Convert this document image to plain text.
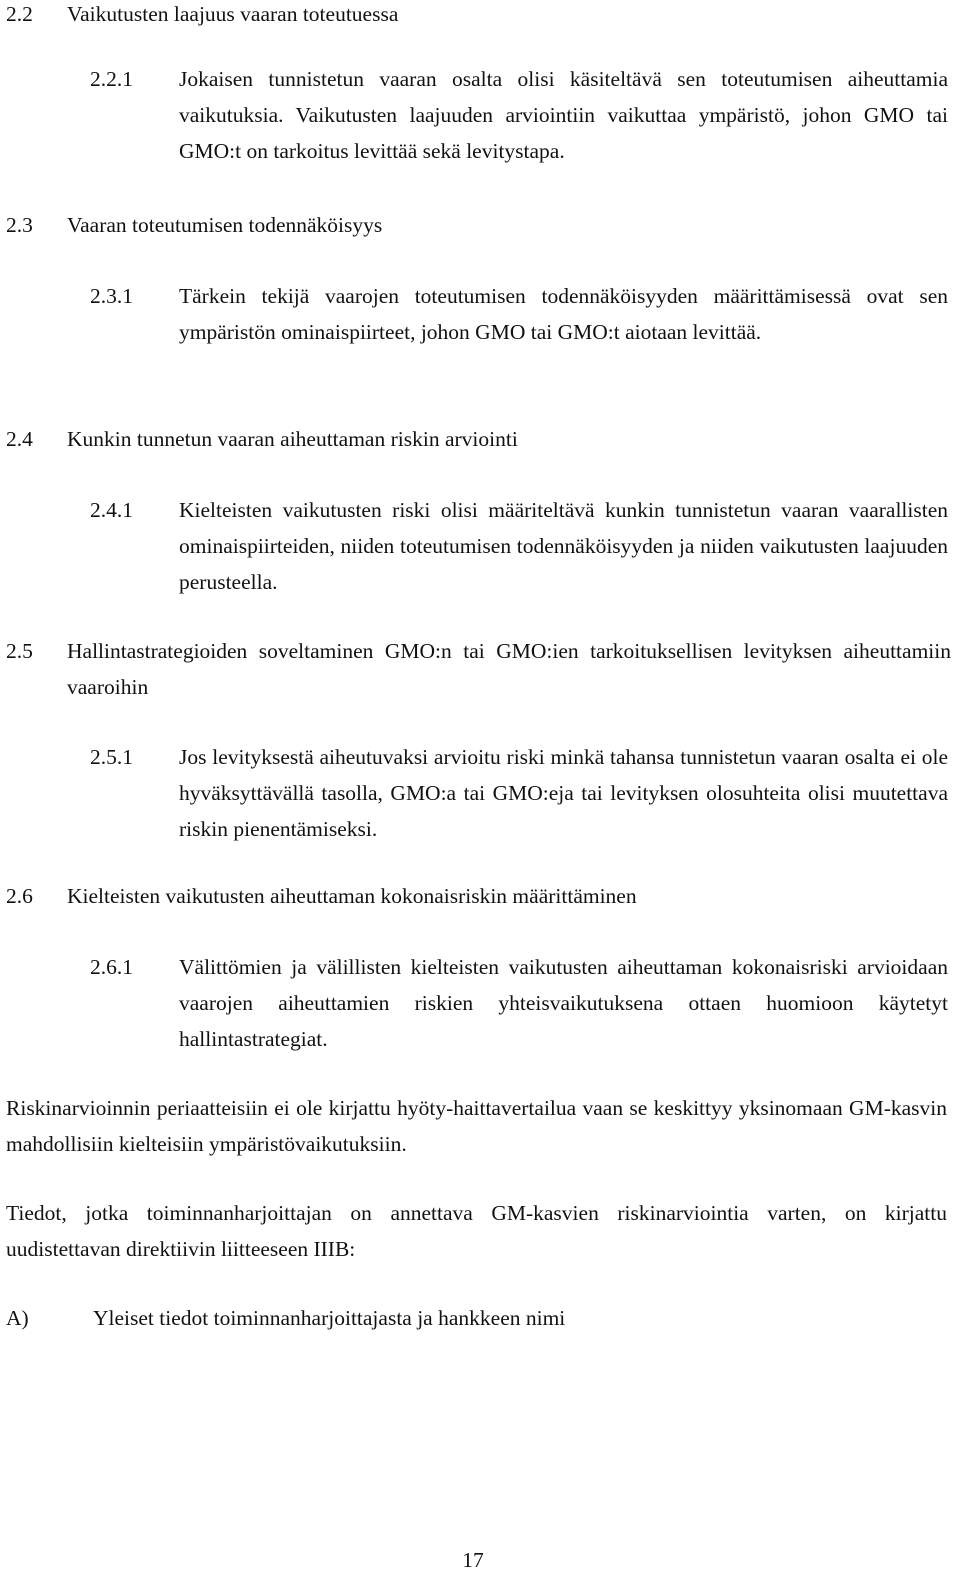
2.2 Vaikutusten laajuus vaaran toteutuessa
2.2.1 Jokaisen tunnistetun vaaran osalta olisi käsiteltävä sen toteutumisen aiheuttamia vaikutuksia. Vaikutusten laajuuden arviointiin vaikuttaa ympäristö, johon GMO tai GMO:t on tarkoitus levittää sekä levitystapa.
2.3 Vaaran toteutumisen todennäköisyys
2.3.1 Tärkein tekijä vaarojen toteutumisen todennäköisyyden määrittämisessä ovat sen ympäristön ominaispiirteet, johon GMO tai GMO:t aiotaan levittää.
2.4 Kunkin tunnetun vaaran aiheuttaman riskin arviointi
2.4.1 Kielteisten vaikutusten riski olisi määriteltävä kunkin tunnistetun vaaran vaarallisten ominaispiirteiden, niiden toteutumisen todennäköisyyden ja niiden vaikutusten laajuuden perusteella.
2.5 Hallintastrategioiden soveltaminen GMO:n tai GMO:ien tarkoituksellisen levityksen aiheuttamiin vaaroihin
2.5.1 Jos levityksestä aiheutuvaksi arvioitu riski minkä tahansa tunnistetun vaaran osalta ei ole hyväksyttävällä tasolla, GMO:a tai GMO:eja tai levityksen olosuhteita olisi muutettava riskin pienentämiseksi.
2.6 Kielteisten vaikutusten aiheuttaman kokonaisriskin määrittäminen
2.6.1 Välittömien ja välillisten kielteisten vaikutusten aiheuttaman kokonaisriski arvioidaan vaarojen aiheuttamien riskien yhteisvaikutuksena ottaen huomioon käytetyt hallintastrategiat.
Riskinarvioinnin periaatteisiin ei ole kirjattu hyöty-haittavertailua vaan se keskittyy yksinomaan GM-kasvin mahdollisiin kielteisiin ympäristövaikutuksiin.
Tiedot, jotka toiminnanharjoittajan on annettava GM-kasvien riskinarviointia varten, on kirjattu uudistettavan direktiivin liitteeseen IIIB:
A)	Yleiset tiedot toiminnanharjoittajasta ja hankkeen nimi
17
